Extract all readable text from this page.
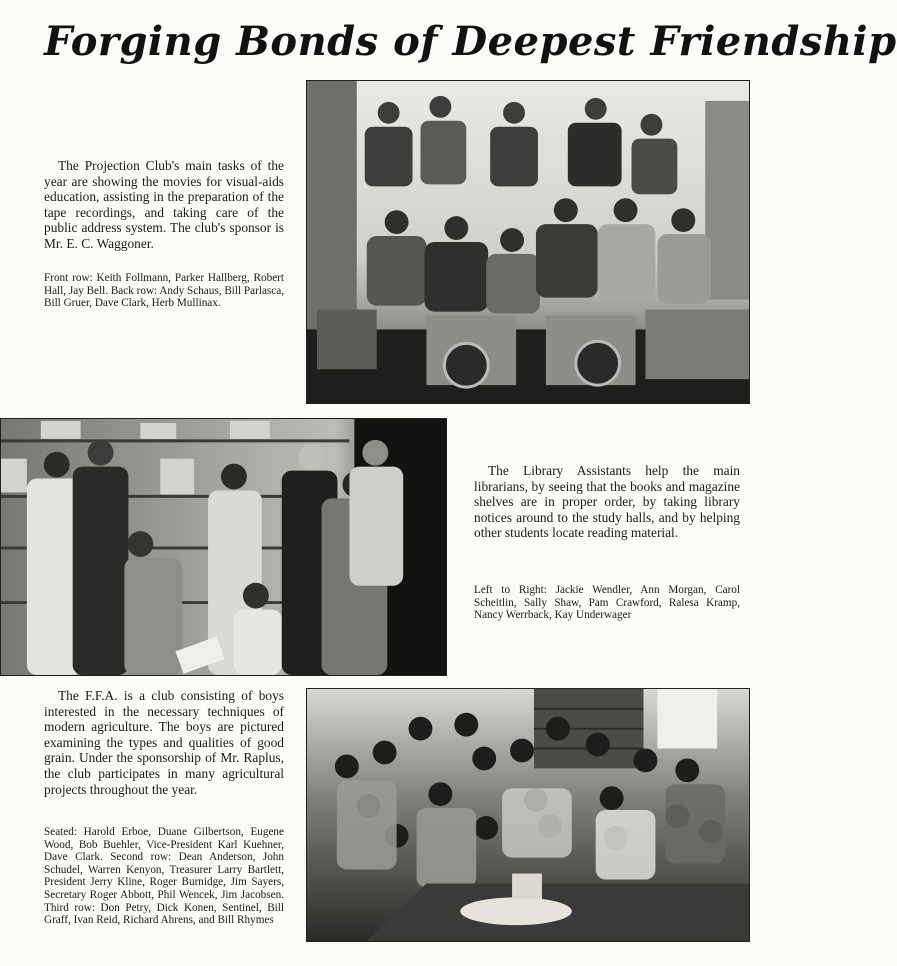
Forging Bonds of Deepest Friendship

The Projection Club's main tasks of the year are showing the movies for visual-aids education, assisting in the preparation of the tape recordings, and taking care of the public address system. The club's sponsor is Mr. E. C. Waggoner.

Front row: Keith Follmann, Parker Hallberg, Robert Hall, Jay Bell. Back row: Andy Schaus, Bill Parlasca, Bill Gruer, Dave Clark, Herb Mullinax.

The Library Assistants help the main librarians, by seeing that the books and magazine shelves are in proper order, by taking library notices around to the study halls, and by helping other students locate reading material.

Left to Right: Jackie Wendler, Ann Morgan, Carol Scheitlin, Sally Shaw, Pam Crawford, Ralesa Kramp, Nancy Werrback, Kay Underwager

The F.F.A. is a club consisting of boys interested in the necessary techniques of modern agriculture. The boys are pictured examining the types and qualities of good grain. Under the sponsorship of Mr. Raplus, the club participates in many agricultural projects throughout the year.

Seated: Harold Erboe, Duane Gilbertson, Eugene Wood, Bob Buehler, Vice-President Karl Kuehner, Dave Clark. Second row: Dean Anderson, John Schudel, Warren Kenyon, Treasurer Larry Bartlett, President Jerry Kline, Roger Burnidge, Jim Sayers, Secretary Roger Abbott, Phil Wencek, Jim Jacobsen. Third row: Don Petry, Dick Konen, Sentinel, Bill Graff, Ivan Reid, Richard Ahrens, and Bill Rhymes
